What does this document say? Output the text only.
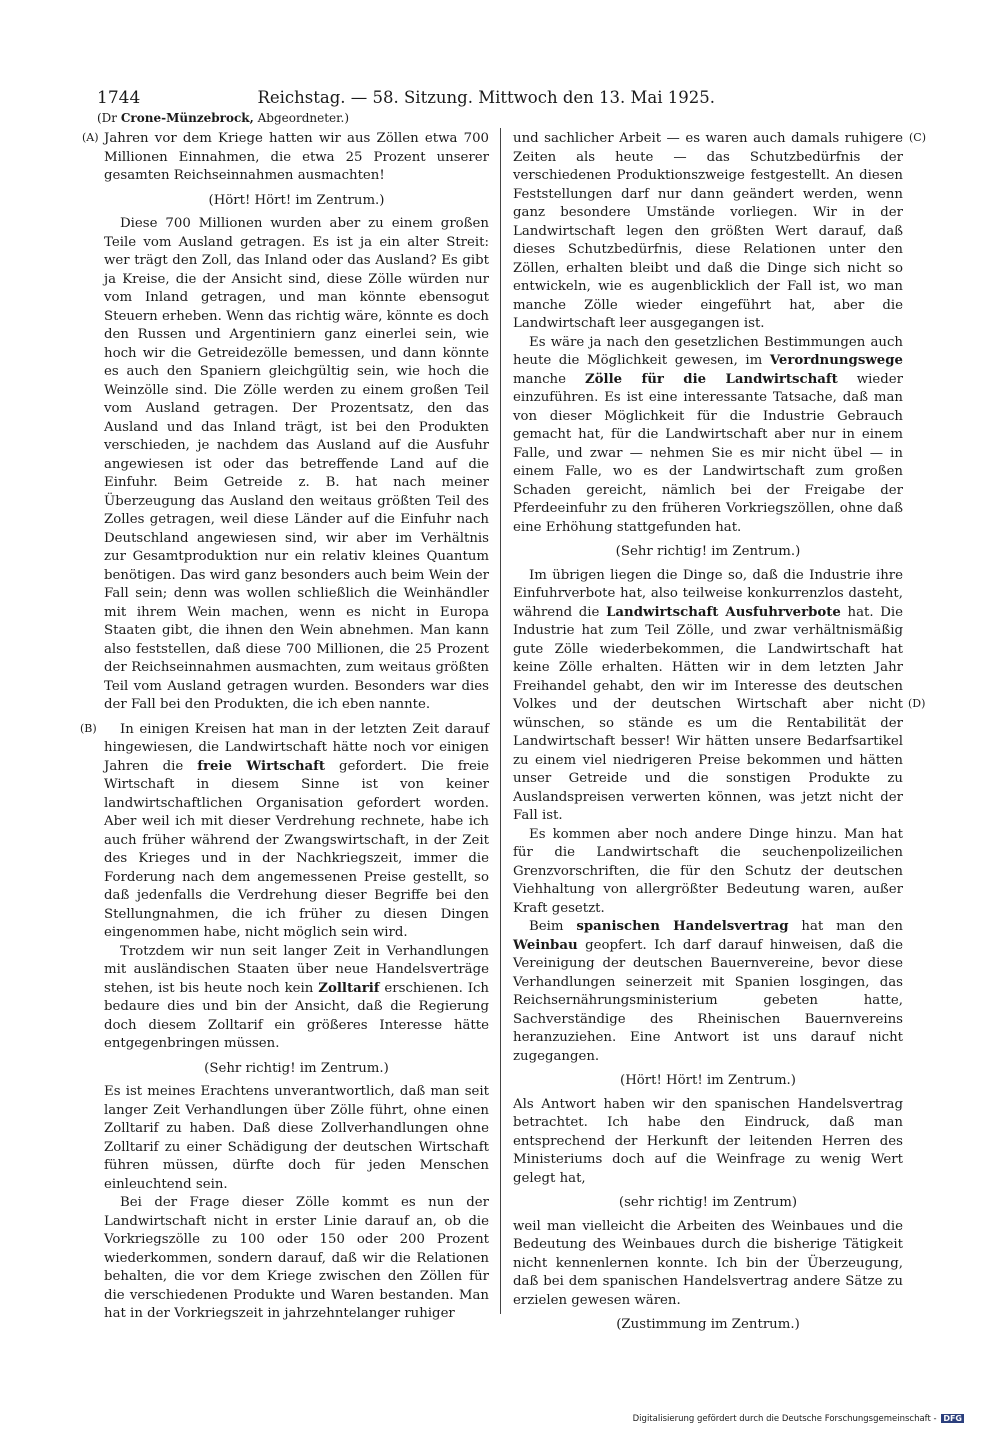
1744	Reichstag. — 58. Sitzung. Mittwoch den 13. Mai 1925.
(Dr Crone-Münzebrock, Abgeordneter.)
(A)
(B)
(C)
(D)

Jahren vor dem Kriege hatten wir aus Zöllen etwa 700 Millionen Einnahmen, die etwa 25 Prozent unserer gesamten Reichseinnahmen ausmachten!

(Hört! Hört! im Zentrum.)

Diese 700 Millionen wurden aber zu einem großen Teile vom Ausland getragen. Es ist ja ein alter Streit: wer trägt den Zoll, das Inland oder das Ausland? Es gibt ja Kreise, die der Ansicht sind, diese Zölle würden nur vom Inland getragen, und man könnte ebensogut Steuern erheben. Wenn das richtig wäre, könnte es doch den Russen und Argentiniern ganz einerlei sein, wie hoch wir die Getreidezölle bemessen, und dann könnte es auch den Spaniern gleichgültig sein, wie hoch die Weinzölle sind. Die Zölle werden zu einem großen Teil vom Ausland getragen. Der Prozentsatz, den das Ausland und das Inland trägt, ist bei den Produkten verschieden, je nachdem das Ausland auf die Ausfuhr angewiesen ist oder das betreffende Land auf die Einfuhr. Beim Getreide z. B. hat nach meiner Überzeugung das Ausland den weitaus größten Teil des Zolles getragen, weil diese Länder auf die Einfuhr nach Deutschland angewiesen sind, wir aber im Verhältnis zur Gesamtproduktion nur ein relativ kleines Quantum benötigen. Das wird ganz besonders auch beim Wein der Fall sein; denn was wollen schließlich die Weinhändler mit ihrem Wein machen, wenn es nicht in Europa Staaten gibt, die ihnen den Wein abnehmen. Man kann also feststellen, daß diese 700 Millionen, die 25 Prozent der Reichseinnahmen ausmachten, zum weitaus größten Teil vom Ausland getragen wurden. Besonders war dies der Fall bei den Produkten, die ich eben nannte.

In einigen Kreisen hat man in der letzten Zeit darauf hingewiesen, die Landwirtschaft hätte noch vor einigen Jahren die freie Wirtschaft gefordert. Die freie Wirtschaft in diesem Sinne ist von keiner landwirtschaftlichen Organisation gefordert worden. Aber weil ich mit dieser Verdrehung rechnete, habe ich auch früher während der Zwangswirtschaft, in der Zeit des Krieges und in der Nachkriegszeit, immer die Forderung nach dem angemessenen Preise gestellt, so daß jedenfalls die Verdrehung dieser Begriffe bei den Stellungnahmen, die ich früher zu diesen Dingen eingenommen habe, nicht möglich sein wird.

Trotzdem wir nun seit langer Zeit in Verhandlungen mit ausländischen Staaten über neue Handelsverträge stehen, ist bis heute noch kein Zolltarif erschienen. Ich bedaure dies und bin der Ansicht, daß die Regierung doch diesem Zolltarif ein größeres Interesse hätte entgegenbringen müssen.

(Sehr richtig! im Zentrum.)

Es ist meines Erachtens unverantwortlich, daß man seit langer Zeit Verhandlungen über Zölle führt, ohne einen Zolltarif zu haben. Daß diese Zollverhandlungen ohne Zolltarif zu einer Schädigung der deutschen Wirtschaft führen müssen, dürfte doch für jeden Menschen einleuchtend sein.

Bei der Frage dieser Zölle kommt es nun der Landwirtschaft nicht in erster Linie darauf an, ob die Vorkriegszölle zu 100 oder 150 oder 200 Prozent wiederkommen, sondern darauf, daß wir die Relationen behalten, die vor dem Kriege zwischen den Zöllen für die verschiedenen Produkte und Waren bestanden. Man hat in der Vorkriegszeit in jahrzehntelanger ruhiger

und sachlicher Arbeit — es waren auch damals ruhigere Zeiten als heute — das Schutzbedürfnis der verschiedenen Produktionszweige festgestellt. An diesen Feststellungen darf nur dann geändert werden, wenn ganz besondere Umstände vorliegen. Wir in der Landwirtschaft legen den größten Wert darauf, daß dieses Schutzbedürfnis, diese Relationen unter den Zöllen, erhalten bleibt und daß die Dinge sich nicht so entwickeln, wie es augenblicklich der Fall ist, wo man manche Zölle wieder eingeführt hat, aber die Landwirtschaft leer ausgegangen ist.

Es wäre ja nach den gesetzlichen Bestimmungen auch heute die Möglichkeit gewesen, im Verordnungswege manche Zölle für die Landwirtschaft wieder einzuführen. Es ist eine interessante Tatsache, daß man von dieser Möglichkeit für die Industrie Gebrauch gemacht hat, für die Landwirtschaft aber nur in einem Falle, und zwar — nehmen Sie es mir nicht übel — in einem Falle, wo es der Landwirtschaft zum großen Schaden gereicht, nämlich bei der Freigabe der Pferdeeinfuhr zu den früheren Vorkriegszöllen, ohne daß eine Erhöhung stattgefunden hat.

(Sehr richtig! im Zentrum.)

Im übrigen liegen die Dinge so, daß die Industrie ihre Einfuhrverbote hat, also teilweise konkurrenzlos dasteht, während die Landwirtschaft Ausfuhrverbote hat. Die Industrie hat zum Teil Zölle, und zwar verhältnismäßig gute Zölle wiederbekommen, die Landwirtschaft hat keine Zölle erhalten. Hätten wir in dem letzten Jahr Freihandel gehabt, den wir im Interesse des deutschen Volkes und der deutschen Wirtschaft aber nicht wünschen, so stände es um die Rentabilität der Landwirtschaft besser! Wir hätten unsere Bedarfsartikel zu einem viel niedrigeren Preise bekommen und hätten unser Getreide und die sonstigen Produkte zu Auslandspreisen verwerten können, was jetzt nicht der Fall ist.

Es kommen aber noch andere Dinge hinzu. Man hat für die Landwirtschaft die seuchenpolizeilichen Grenzvorschriften, die für den Schutz der deutschen Viehhaltung von allergrößter Bedeutung waren, außer Kraft gesetzt.

Beim spanischen Handelsvertrag hat man den Weinbau geopfert. Ich darf darauf hinweisen, daß die Vereinigung der deutschen Bauernvereine, bevor diese Verhandlungen seinerzeit mit Spanien losgingen, das Reichsernährungsministerium gebeten hatte, Sachverständige des Rheinischen Bauernvereins heranzuziehen. Eine Antwort ist uns darauf nicht zugegangen.

(Hört! Hört! im Zentrum.)

Als Antwort haben wir den spanischen Handelsvertrag betrachtet. Ich habe den Eindruck, daß man entsprechend der Herkunft der leitenden Herren des Ministeriums doch auf die Weinfrage zu wenig Wert gelegt hat,

(sehr richtig! im Zentrum)

weil man vielleicht die Arbeiten des Weinbaues und die Bedeutung des Weinbaues durch die bisherige Tätigkeit nicht kennenlernen konnte. Ich bin der Überzeugung, daß bei dem spanischen Handelsvertrag andere Sätze zu erzielen gewesen wären.

(Zustimmung im Zentrum.)

Digitalisierung gefördert durch die Deutsche Forschungsgemeinschaft - DFG
